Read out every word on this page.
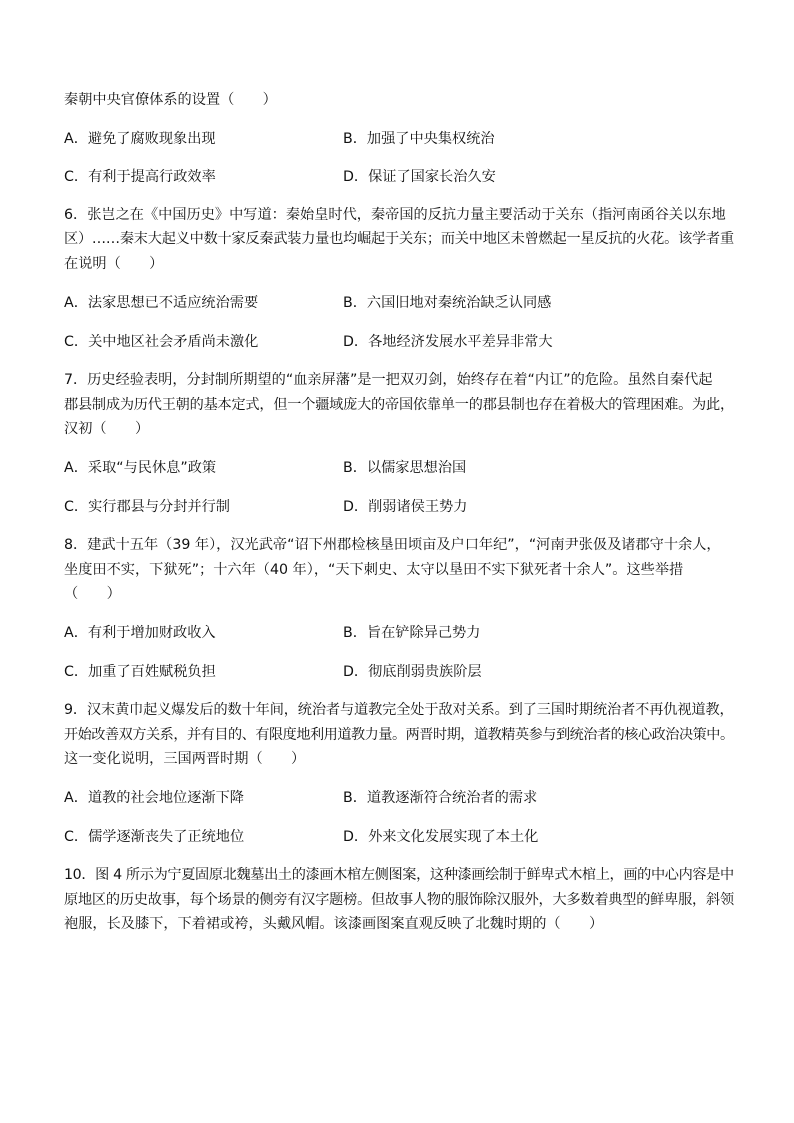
秦朝中央官僚体系的设置（　　）
A．避免了腐败现象出现	B．加强了中央集权统治
C．有利于提高行政效率	D．保证了国家长治久安
6．张岂之在《中国历史》中写道：秦始皇时代，秦帝国的反抗力量主要活动于关东（指河南函谷关以东地
区）……秦末大起义中数十家反秦武装力量也均崛起于关东；而关中地区未曾燃起一星反抗的火花。该学者重
在说明（　　）
A．法家思想已不适应统治需要	B．六国旧地对秦统治缺乏认同感
C．关中地区社会矛盾尚未激化	D．各地经济发展水平差异非常大
7．历史经验表明，分封制所期望的“血亲屏藩”是一把双刃剑，始终存在着“内讧”的危险。虽然自秦代起
郡县制成为历代王朝的基本定式，但一个疆域庞大的帝国依靠单一的郡县制也存在着极大的管理困难。为此，
汉初（　　）
A．采取“与民休息”政策	B．以儒家思想治国
C．实行郡县与分封并行制	D．削弱诸侯王势力
8．建武十五年（39 年），汉光武帝“诏下州郡检核垦田顷亩及户口年纪”，“河南尹张伋及诸郡守十余人，
坐度田不实，下狱死”；十六年（40 年），“天下刺史、太守以垦田不实下狱死者十余人”。这些举措
（　　）
A．有利于增加财政收入	B．旨在铲除异己势力
C．加重了百姓赋税负担	D．彻底削弱贵族阶层
9．汉末黄巾起义爆发后的数十年间，统治者与道教完全处于敌对关系。到了三国时期统治者不再仇视道教，
开始改善双方关系，并有目的、有限度地利用道教力量。两晋时期，道教精英参与到统治者的核心政治决策中。
这一变化说明，三国两晋时期（　　）
A．道教的社会地位逐渐下降	B．道教逐渐符合统治者的需求
C．儒学逐渐丧失了正统地位	D．外来文化发展实现了本土化
10．图 4 所示为宁夏固原北魏墓出土的漆画木棺左侧图案，这种漆画绘制于鲜卑式木棺上，画的中心内容是中
原地区的历史故事，每个场景的侧旁有汉字题榜。但故事人物的服饰除汉服外，大多数着典型的鲜卑服，斜领
袍服，长及膝下，下着裙或袴，头戴风帽。该漆画图案直观反映了北魏时期的（　　）
